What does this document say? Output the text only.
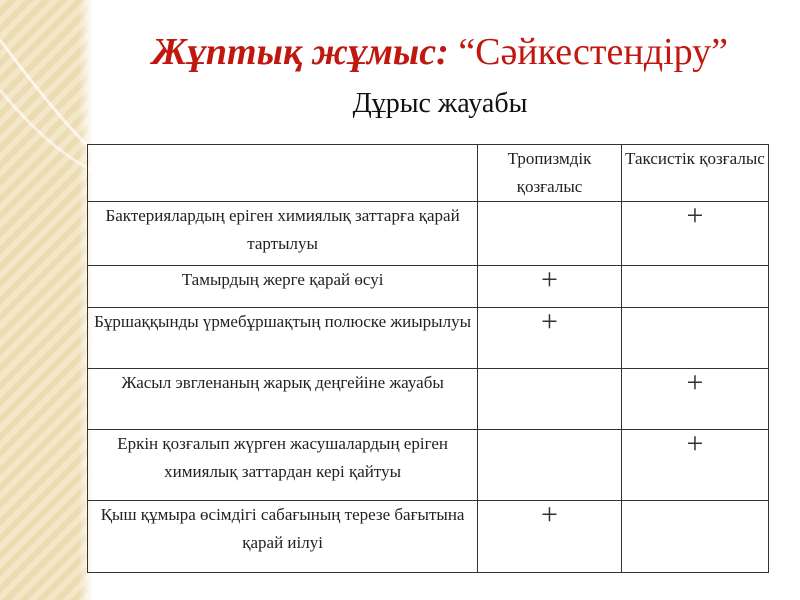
Жұптық жұмыс: “Сәйкестендіру”
Дұрыс жауабы
	Тропизмдік қозғалыс	Таксистік қозғалыс
Бактериялардың еріген химиялық заттарға қарай тартылуы		+
Тамырдың жерге қарай өсуі	+	
Бұршаққынды үрмебұршақтың полюске жиырылуы	+	
Жасыл эвгленаның жарық деңгейіне жауабы		+
Еркін қозғалып жүрген жасушалардың еріген химиялық заттардан кері қайтуы		+
Қыш құмыра өсімдігі сабағының терезе бағытына қарай иілуі	+	
